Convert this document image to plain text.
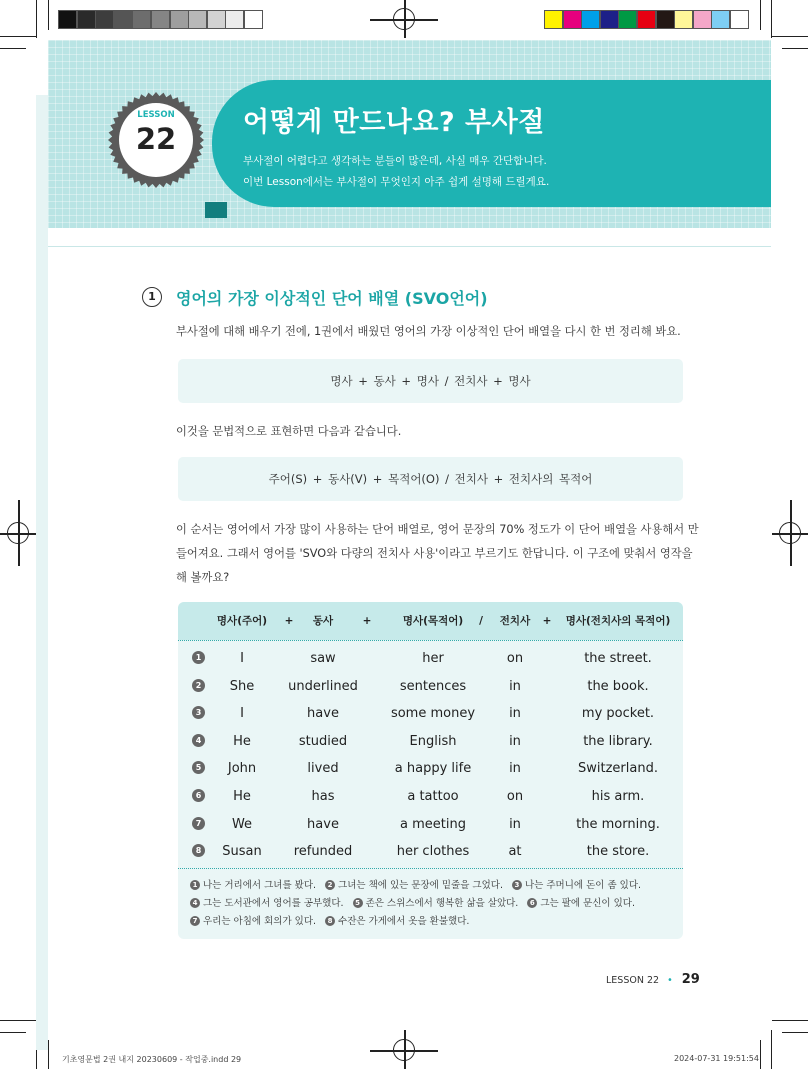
LESSON
22	어떻게 만드나요? 부사절
부사절이 어렵다고 생각하는 분들이 많은데, 사실 매우 간단합니다.
이번 Lesson에서는 부사절이 무엇인지 아주 쉽게 설명해 드릴게요.
1	영어의 가장 이상적인 단어 배열 (SVO언어)
부사절에 대해 배우기 전에, 1권에서 배웠던 영어의 가장 이상적인 단어 배열을 다시 한 번 정리해 봐요.
명사 + 동사 + 명사 / 전치사 + 명사
이것을 문법적으로 표현하면 다음과 같습니다.
주어(S) + 동사(V) + 목적어(O) / 전치사 + 전치사의 목적어
이 순서는 영어에서 가장 많이 사용하는 단어 배열로, 영어 문장의 70% 정도가 이 단어 배열을 사용해서 만
들어져요. 그래서 영어를 'SVO와 다량의 전치사 사용'이라고 부르기도 한답니다. 이 구조에 맞춰서 영작을
해 볼까요?
명사(주어)	+	동사	+	명사(목적어)	/	전치사	+	명사(전치사의 목적어)
1	I	saw	her	on	the street.
2	She	underlined	sentences	in	the book.
3	I	have	some money	in	my pocket.
4	He	studied	English	in	the library.
5	John	lived	a happy life	in	Switzerland.
6	He	has	a tattoo	on	his arm.
7	We	have	a meeting	in	the morning.
8	Susan	refunded	her clothes	at	the store.
1 나는 거리에서 그녀를 봤다. 2 그녀는 책에 있는 문장에 밑줄을 그었다. 3 나는 주머니에 돈이 좀 있다.
4 그는 도서관에서 영어를 공부했다. 5 존은 스위스에서 행복한 삶을 살았다. 6 그는 팔에 문신이 있다.
7 우리는 아침에 회의가 있다. 8 수잔은 가게에서 옷을 환불했다.
LESSON 22 • 29
기초영문법 2권 내지 20230609 - 작업중.indd 29	2024-07-31 19:51:54
